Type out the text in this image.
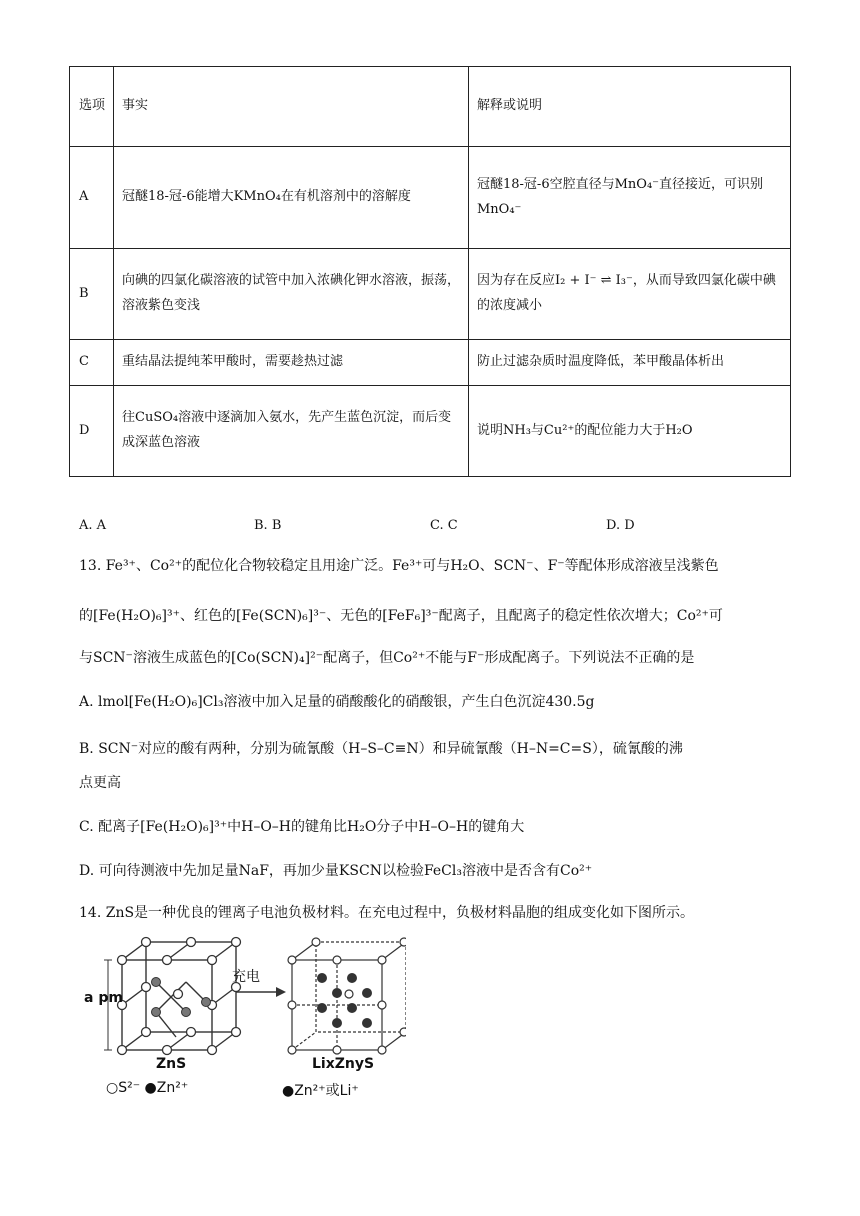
选项	事实	解释或说明
A	冠醚18-冠-6能增大KMnO₄在有机溶剂中的溶解度	冠醚18-冠-6空腔直径与MnO₄⁻直径接近，可识别MnO₄⁻
B	向碘的四氯化碳溶液的试管中加入浓碘化钾水溶液，振荡，溶液紫色变浅	因为存在反应I₂ + I⁻ ⇌ I₃⁻，从而导致四氯化碳中碘的浓度减小
C	重结晶法提纯苯甲酸时，需要趁热过滤	防止过滤杂质时温度降低，苯甲酸晶体析出
D	往CuSO₄溶液中逐滴加入氨水，先产生蓝色沉淀，而后变成深蓝色溶液	说明NH₃与Cu²⁺的配位能力大于H₂O
A. A	B. B	C. C	D. D
13. Fe³⁺、Co²⁺的配位化合物较稳定且用途广泛。Fe³⁺可与H₂O、SCN⁻、F⁻等配体形成溶液呈浅紫色
的[Fe(H₂O)₆]³⁺、红色的[Fe(SCN)₆]³⁻、无色的[FeF₆]³⁻配离子，且配离子的稳定性依次增大；Co²⁺可
与SCN⁻溶液生成蓝色的[Co(SCN)₄]²⁻配离子，但Co²⁺不能与F⁻形成配离子。下列说法不正确的是
A. lmol[Fe(H₂O)₆]Cl₃溶液中加入足量的硝酸酸化的硝酸银，产生白色沉淀430.5g
B. SCN⁻对应的酸有两种，分别为硫氰酸（H–S–C≡N）和异硫氰酸（H–N=C=S），硫氰酸的沸
点更高
C. 配离子[Fe(H₂O)₆]³⁺中H–O–H的键角比H₂O分子中H–O–H的键角大
D. 可向待测液中先加足量NaF，再加少量KSCN以检验FeCl₃溶液中是否含有Co²⁺
14. ZnS是一种优良的锂离子电池负极材料。在充电过程中，负极材料晶胞的组成变化如下图所示。
a pm
充电
ZnS	LixZnyS
○S²⁻ ●Zn²⁺	●Zn²⁺或Li⁺
